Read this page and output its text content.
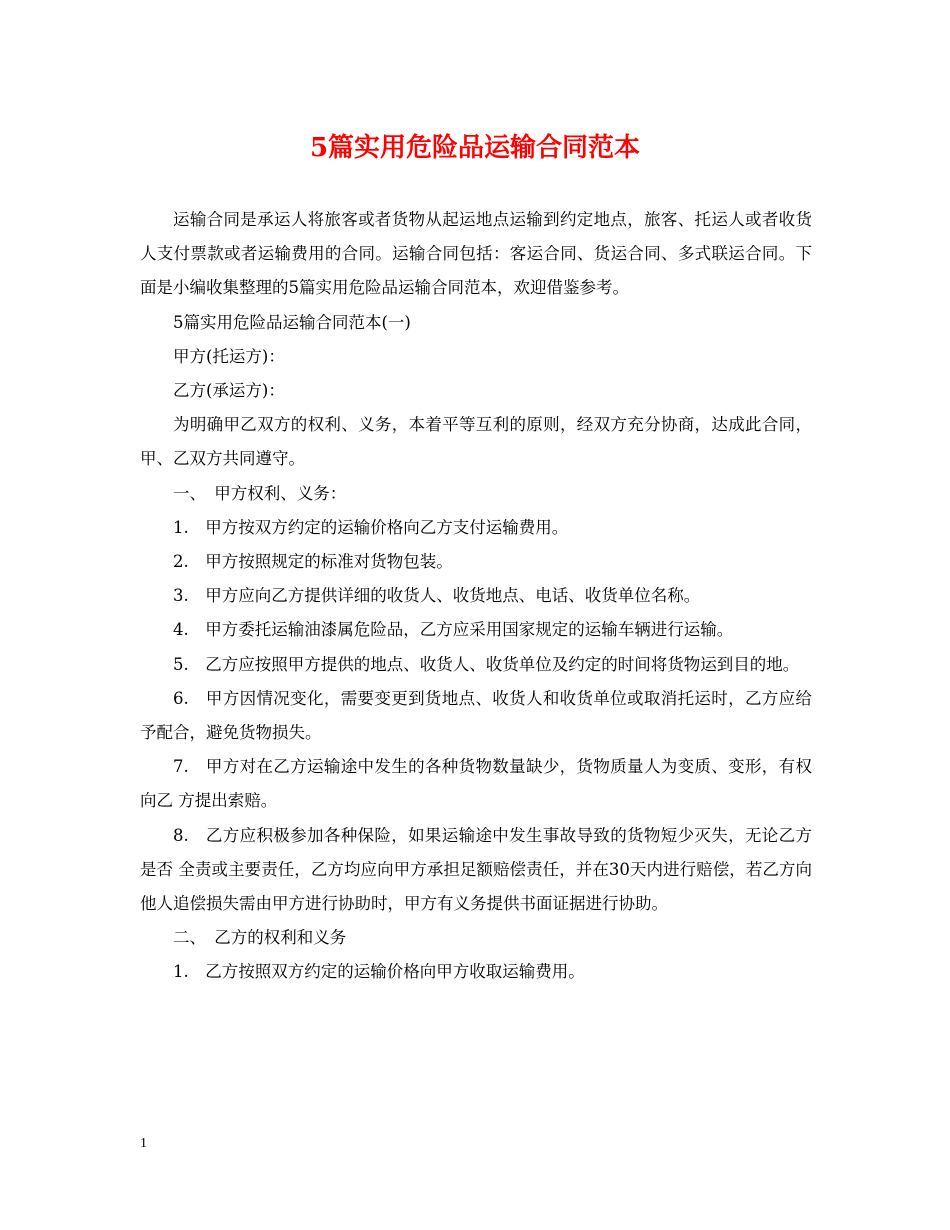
5篇实用危险品运输合同范本

运输合同是承运人将旅客或者货物从起运地点运输到约定地点，旅客、托运人或者收货人支付票款或者运输费用的合同。运输合同包括：客运合同、货运合同、多式联运合同。下面是小编收集整理的5篇实用危险品运输合同范本，欢迎借鉴参考。

5篇实用危险品运输合同范本(一)

甲方(托运方)：

乙方(承运方)：

为明确甲乙双方的权利、义务，本着平等互利的原则，经双方充分协商，达成此合同，甲、乙双方共同遵守。

一、　甲方权利、义务：

1.　甲方按双方约定的运输价格向乙方支付运输费用。

2.　甲方按照规定的标准对货物包装。

3.　甲方应向乙方提供详细的收货人、收货地点、电话、收货单位名称。

4.　甲方委托运输油漆属危险品，乙方应采用国家规定的运输车辆进行运输。

5.　乙方应按照甲方提供的地点、收货人、收货单位及约定的时间将货物运到目的地。

6.　甲方因情况变化，需要变更到货地点、收货人和收货单位或取消托运时，乙方应给予配合，避免货物损失。

7.　甲方对在乙方运输途中发生的各种货物数量缺少，货物质量人为变质、变形，有权向乙 方提出索赔。

8.　乙方应积极参加各种保险，如果运输途中发生事故导致的货物短少灭失，无论乙方是否 全责或主要责任，乙方均应向甲方承担足额赔偿责任，并在30天内进行赔偿，若乙方向他人追偿损失需由甲方进行协助时，甲方有义务提供书面证据进行协助。

二、　乙方的权利和义务

1.　乙方按照双方约定的运输价格向甲方收取运输费用。

1
